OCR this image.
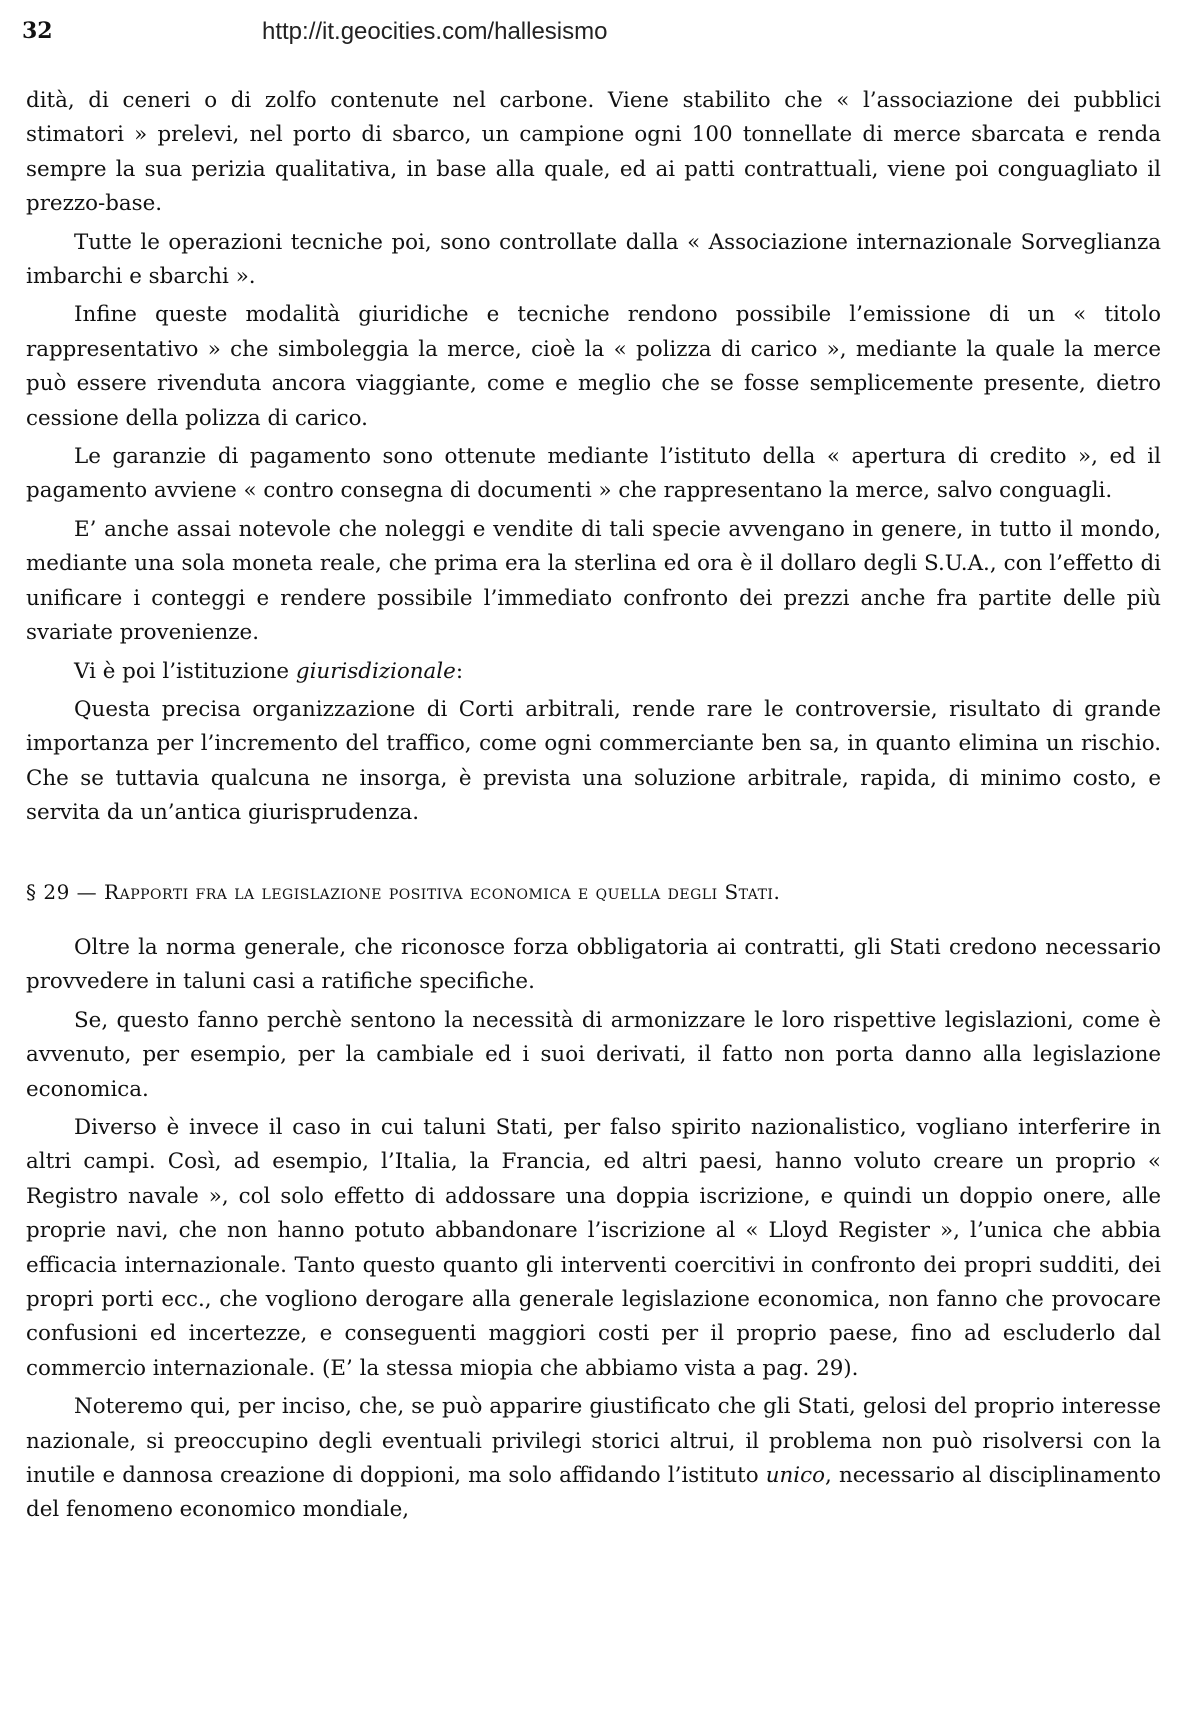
32	http://it.geocities.com/hallesismo

dità, di ceneri o di zolfo contenute nel carbone. Viene stabilito che « l’associazione dei pubblici stimatori » prelevi, nel porto di sbarco, un campione ogni 100 tonnellate di merce sbarcata e renda sempre la sua perizia qualitativa, in base alla quale, ed ai patti contrattuali, viene poi conguagliato il prezzo-base.

Tutte le operazioni tecniche poi, sono controllate dalla « Associazione internazionale Sorveglianza imbarchi e sbarchi ».

Infine queste modalità giuridiche e tecniche rendono possibile l’emissione di un « titolo rappresentativo » che simboleggia la merce, cioè la « polizza di carico », mediante la quale la merce può essere rivenduta ancora viaggiante, come e meglio che se fosse semplicemente presente, dietro cessione della polizza di carico.

Le garanzie di pagamento sono ottenute mediante l’istituto della « apertura di credito », ed il pagamento avviene « contro consegna di documenti » che rappresentano la merce, salvo conguagli.

E’ anche assai notevole che noleggi e vendite di tali specie avvengano in genere, in tutto il mondo, mediante una sola moneta reale, che prima era la sterlina ed ora è il dollaro degli S.U.A., con l’effetto di unificare i conteggi e rendere possibile l’immediato confronto dei prezzi anche fra partite delle più svariate provenienze.

Vi è poi l’istituzione giurisdizionale:

Questa precisa organizzazione di Corti arbitrali, rende rare le controversie, risultato di grande importanza per l’incremento del traffico, come ogni commerciante ben sa, in quanto elimina un rischio. Che se tuttavia qualcuna ne insorga, è prevista una soluzione arbitrale, rapida, di minimo costo, e servita da un’antica giurisprudenza.

§ 29 — Rapporti fra la legislazione positiva economica e quella degli Stati.

Oltre la norma generale, che riconosce forza obbligatoria ai contratti, gli Stati credono necessario provvedere in taluni casi a ratifiche specifiche.

Se, questo fanno perchè sentono la necessità di armonizzare le loro rispettive legislazioni, come è avvenuto, per esempio, per la cambiale ed i suoi derivati, il fatto non porta danno alla legislazione economica.

Diverso è invece il caso in cui taluni Stati, per falso spirito nazionalistico, vogliano interferire in altri campi. Così, ad esempio, l’Italia, la Francia, ed altri paesi, hanno voluto creare un proprio « Registro navale », col solo effetto di addossare una doppia iscrizione, e quindi un doppio onere, alle proprie navi, che non hanno potuto abbandonare l’iscrizione al « Lloyd Register », l’unica che abbia efficacia internazionale. Tanto questo quanto gli interventi coercitivi in confronto dei propri sudditi, dei propri porti ecc., che vogliono derogare alla generale legislazione economica, non fanno che provocare confusioni ed incertezze, e conseguenti maggiori costi per il proprio paese, fino ad escluderlo dal commercio internazionale. (E’ la stessa miopia che abbiamo vista a pag. 29).

Noteremo qui, per inciso, che, se può apparire giustificato che gli Stati, gelosi del proprio interesse nazionale, si preoccupino degli eventuali privilegi storici altrui, il problema non può risolversi con la inutile e dannosa creazione di doppioni, ma solo affidando l’istituto unico, necessario al disciplinamento del fenomeno economico mondiale,
